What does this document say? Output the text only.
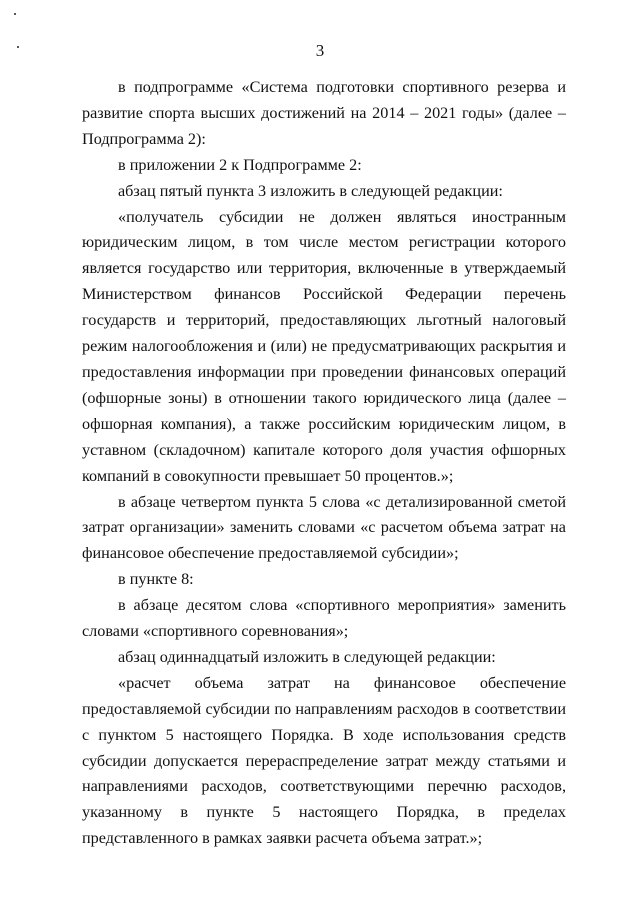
3

в подпрограмме «Система подготовки спортивного резерва и развитие спорта высших достижений на 2014 – 2021 годы» (далее – Подпрограмма 2):

в приложении 2 к Подпрограмме 2:

абзац пятый пункта 3 изложить в следующей редакции:

«получатель субсидии не должен являться иностранным юридическим лицом, в том числе местом регистрации которого является государство или территория, включенные в утверждаемый Министерством финансов Российской Федерации перечень государств и территорий, предоставляющих льготный налоговый режим налогообложения и (или) не предусматривающих раскрытия и предоставления информации при проведении финансовых операций (офшорные зоны) в отношении такого юридического лица (далее – офшорная компания), а также российским юридическим лицом, в уставном (складочном) капитале которого доля участия офшорных компаний в совокупности превышает 50 процентов.»;

в абзаце четвертом пункта 5 слова «с детализированной сметой затрат организации» заменить словами «с расчетом объема затрат на финансовое обеспечение предоставляемой субсидии»;

в пункте 8:

в абзаце десятом слова «спортивного мероприятия» заменить словами «спортивного соревнования»;

абзац одиннадцатый изложить в следующей редакции:

«расчет объема затрат на финансовое обеспечение предоставляемой субсидии по направлениям расходов в соответствии с пунктом 5 настоящего Порядка. В ходе использования средств субсидии допускается перераспределение затрат между статьями и направлениями расходов, соответствующими перечню расходов, указанному в пункте 5 настоящего Порядка, в пределах представленного в рамках заявки расчета объема затрат.»;
